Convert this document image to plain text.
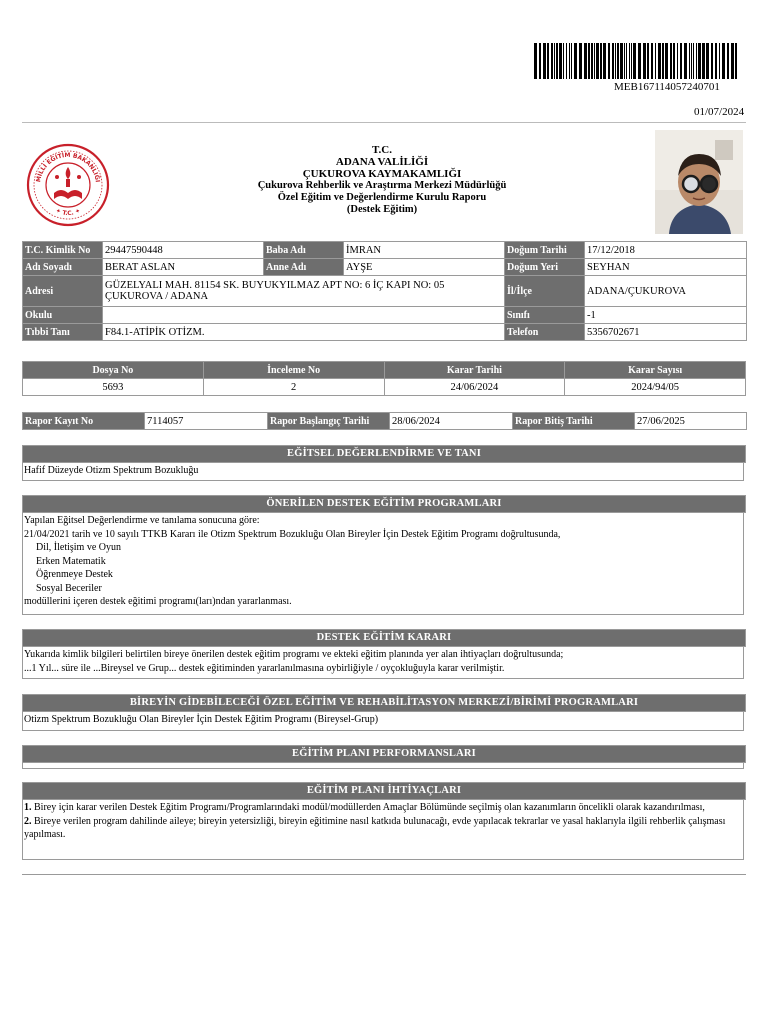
MEB167114057240701
01/07/2024
MİLLİ EĞİTİM BAKANLIĞI
✦ T.C. ✦
T.C.
ADANA VALİLİĞİ
ÇUKUROVA KAYMAKAMLIĞI
Çukurova Rehberlik ve Araştırma Merkezi Müdürlüğü
Özel Eğitim ve Değerlendirme Kurulu Raporu
(Destek Eğitim)
T.C. Kimlik No	29447590448	Baba Adı	İMRAN	Doğum Tarihi	17/12/2018
Adı Soyadı	BERAT ASLAN	Anne Adı	AYŞE	Doğum Yeri	SEYHAN
Adresi	GÜZELYALI MAH. 81154 SK. BUYUKYILMAZ APT NO: 6 İÇ KAPI NO: 05 ÇUKUROVA / ADANA			İl/İlçe	ADANA/ÇUKUROVA
Okulu				Sınıfı	-1
Tıbbi Tanı	F84.1-ATİPİK OTİZM.			Telefon	5356702671
Dosya No	İnceleme No	Karar Tarihi	Karar Sayısı
5693	2	24/06/2024	2024/94/05
Rapor Kayıt No	7114057	Rapor Başlangıç Tarihi	28/06/2024	Rapor Bitiş Tarihi	27/06/2025
EĞİTSEL DEĞERLENDİRME VE TANI
Hafif Düzeyde Otizm Spektrum Bozukluğu
ÖNERİLEN DESTEK EĞİTİM PROGRAMLARI
Yapılan Eğitsel Değerlendirme ve tanılama sonucuna göre:
21/04/2021 tarih ve 10 sayılı TTKB Kararı ile Otizm Spektrum Bozukluğu Olan Bireyler İçin Destek Eğitim Programı doğrultusunda,
Dil, İletişim ve Oyun
Erken Matematik
Öğrenmeye Destek
Sosyal Beceriler
modüllerini içeren destek eğitimi programı(ları)ndan yararlanması.
DESTEK EĞİTİM KARARI
Yukarıda kimlik bilgileri belirtilen bireye önerilen destek eğitim programı ve ekteki eğitim planında yer alan ihtiyaçları doğrultusunda;
...1 Yıl... süre ile ...Bireysel ve Grup... destek eğitiminden yararlanılmasına oybirliğiyle / oyçokluğuyla karar verilmiştir.
BİREYİN GİDEBİLECEĞİ ÖZEL EĞİTİM VE REHABİLİTASYON MERKEZİ/BİRİMİ PROGRAMLARI
Otizm Spektrum Bozukluğu Olan Bireyler İçin Destek Eğitim Programı (Bireysel-Grup)
EĞİTİM PLANI PERFORMANSLARI
EĞİTİM PLANI İHTİYAÇLARI
1. Birey için karar verilen Destek Eğitim Programı/Programlarındaki modül/modüllerden Amaçlar Bölümünde seçilmiş olan kazanımların öncelikli olarak kazandırılması,
2. Bireye verilen program dahilinde aileye; bireyin yetersizliği, bireyin eğitimine nasıl katkıda bulunacağı, evde yapılacak tekrarlar ve yasal haklarıyla ilgili rehberlik çalışması yapılması.
